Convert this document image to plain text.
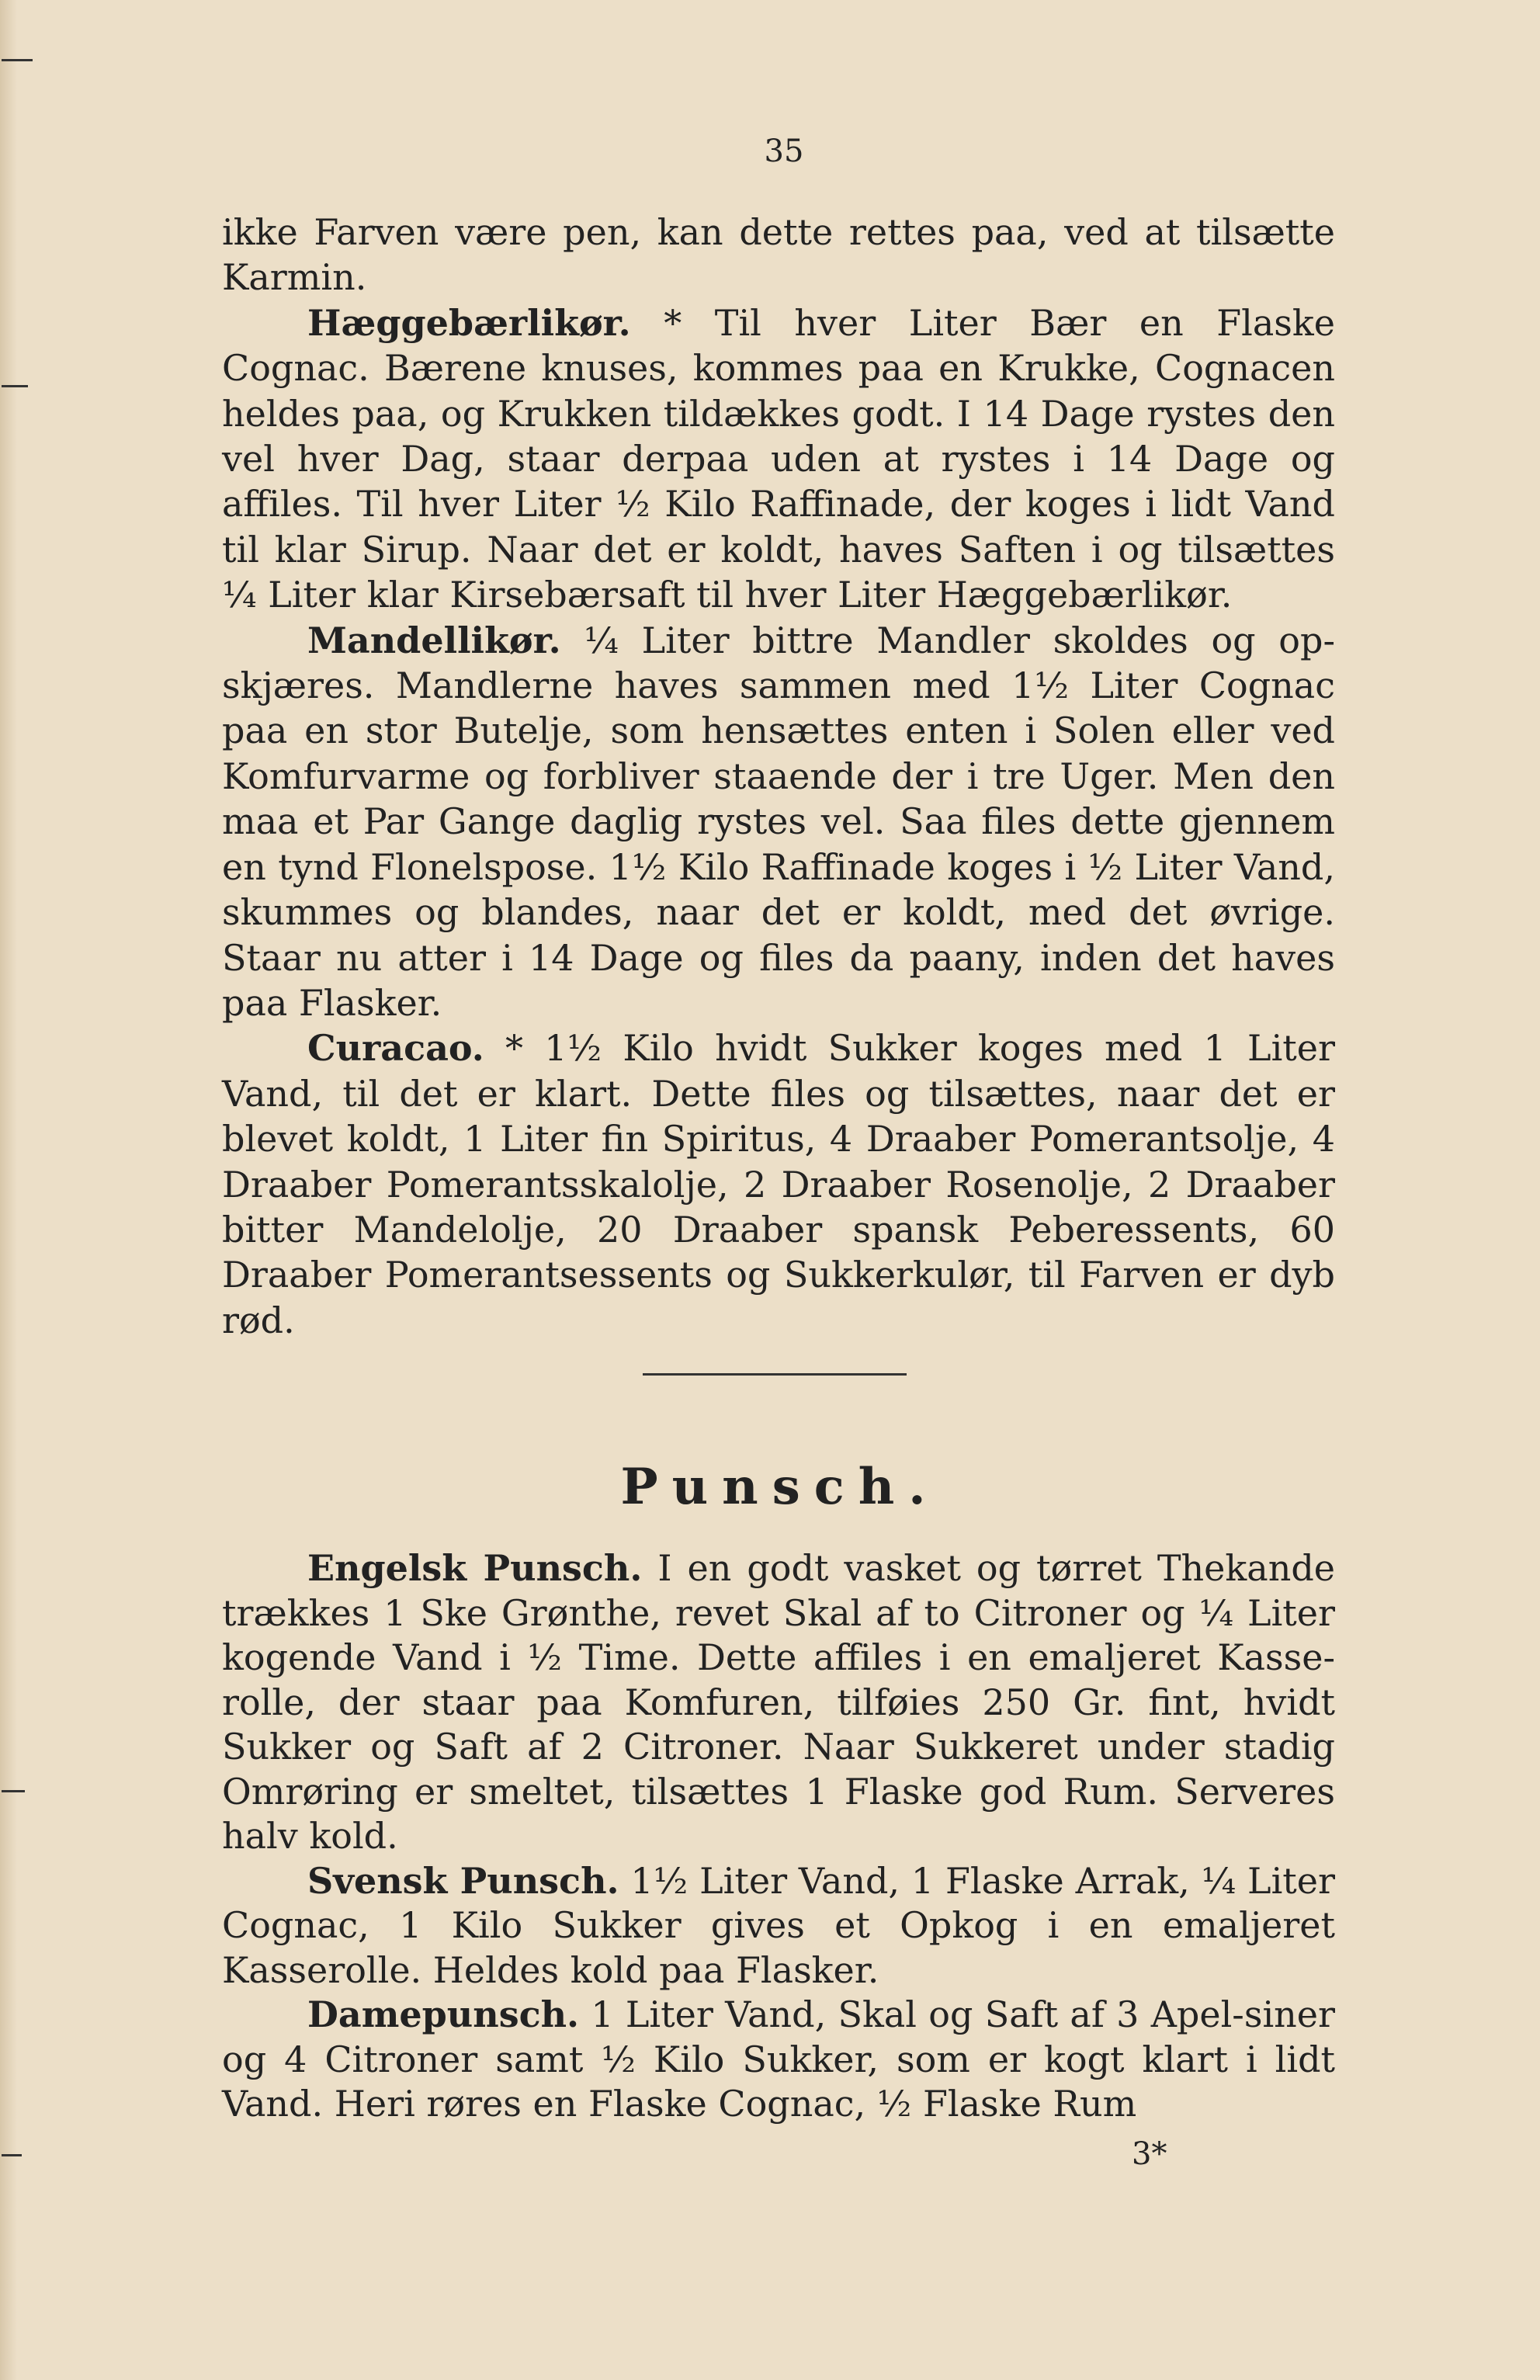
35

ikke Farven være pen, kan dette rettes paa, ved at tilsætte Karmin.

Hæggebærlikør. * Til hver Liter Bær en Flaske Cognac. Bærene knuses, kommes paa en Krukke, Cognacen heldes paa, og Krukken tildækkes godt. I 14 Dage rystes den vel hver Dag, staar derpaa uden at rystes i 14 Dage og affiles. Til hver Liter ½ Kilo Raffinade, der koges i lidt Vand til klar Sirup. Naar det er koldt, haves Saften i og tilsættes ¼ Liter klar Kirsebærsaft til hver Liter Hæggebærlikør.

Mandellikør. ¼ Liter bittre Mandler skoldes og op-skjæres. Mandlerne haves sammen med 1½ Liter Cognac paa en stor Butelje, som hensættes enten i Solen eller ved Komfurvarme og forbliver staaende der i tre Uger. Men den maa et Par Gange daglig rystes vel. Saa files dette gjennem en tynd Flonelspose. 1½ Kilo Raffinade koges i ½ Liter Vand, skummes og blandes, naar det er koldt, med det øvrige. Staar nu atter i 14 Dage og files da paany, inden det haves paa Flasker.

Curacao. * 1½ Kilo hvidt Sukker koges med 1 Liter Vand, til det er klart. Dette files og tilsættes, naar det er blevet koldt, 1 Liter fin Spiritus, 4 Draaber Pomerantsolje, 4 Draaber Pomerantsskalolje, 2 Draaber Rosenolje, 2 Draaber bitter Mandelolje, 20 Draaber spansk Peberessents, 60 Draaber Pomerantsessents og Sukkerkulør, til Farven er dyb rød.

Punsch.

Engelsk Punsch. I en godt vasket og tørret Thekande trækkes 1 Ske Grønthe, revet Skal af to Citroner og ¼ Liter kogende Vand i ½ Time. Dette affiles i en emaljeret Kasse-rolle, der staar paa Komfuren, tilføies 250 Gr. fint, hvidt Sukker og Saft af 2 Citroner. Naar Sukkeret under stadig Omrøring er smeltet, tilsættes 1 Flaske god Rum. Serveres halv kold.

Svensk Punsch. 1½ Liter Vand, 1 Flaske Arrak, ¼ Liter Cognac, 1 Kilo Sukker gives et Opkog i en emaljeret Kasserolle. Heldes kold paa Flasker.

Damepunsch. 1 Liter Vand, Skal og Saft af 3 Apel-siner og 4 Citroner samt ½ Kilo Sukker, som er kogt klart i lidt Vand. Heri røres en Flaske Cognac, ½ Flaske Rum

3*
